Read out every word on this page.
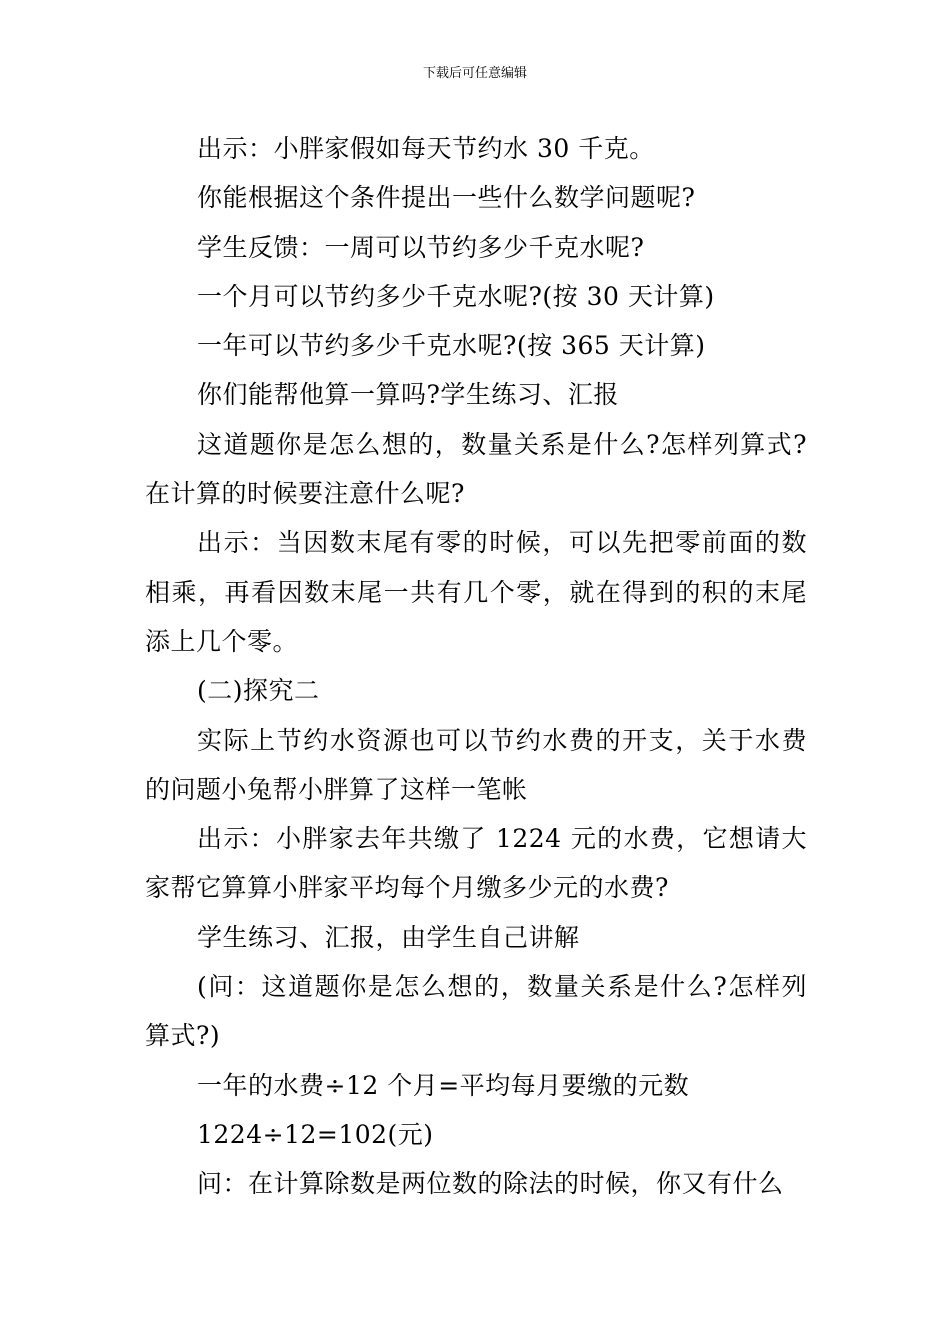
下载后可任意编辑

出示：小胖家假如每天节约水 30 千克。

你能根据这个条件提出一些什么数学问题呢?

学生反馈：一周可以节约多少千克水呢?

一个月可以节约多少千克水呢?(按 30 天计算)

一年可以节约多少千克水呢?(按 365 天计算)

你们能帮他算一算吗?学生练习、汇报

这道题你是怎么想的，数量关系是什么?怎样列算式?在计算的时候要注意什么呢?

出示：当因数末尾有零的时候，可以先把零前面的数相乘，再看因数末尾一共有几个零，就在得到的积的末尾添上几个零。

(二)探究二

实际上节约水资源也可以节约水费的开支，关于水费的问题小兔帮小胖算了这样一笔帐

出示：小胖家去年共缴了 1224 元的水费，它想请大家帮它算算小胖家平均每个月缴多少元的水费?

学生练习、汇报，由学生自己讲解

(问：这道题你是怎么想的，数量关系是什么?怎样列算式?)

一年的水费÷12 个月=平均每月要缴的元数

1224÷12=102(元)

问：在计算除数是两位数的除法的时候，你又有什么
